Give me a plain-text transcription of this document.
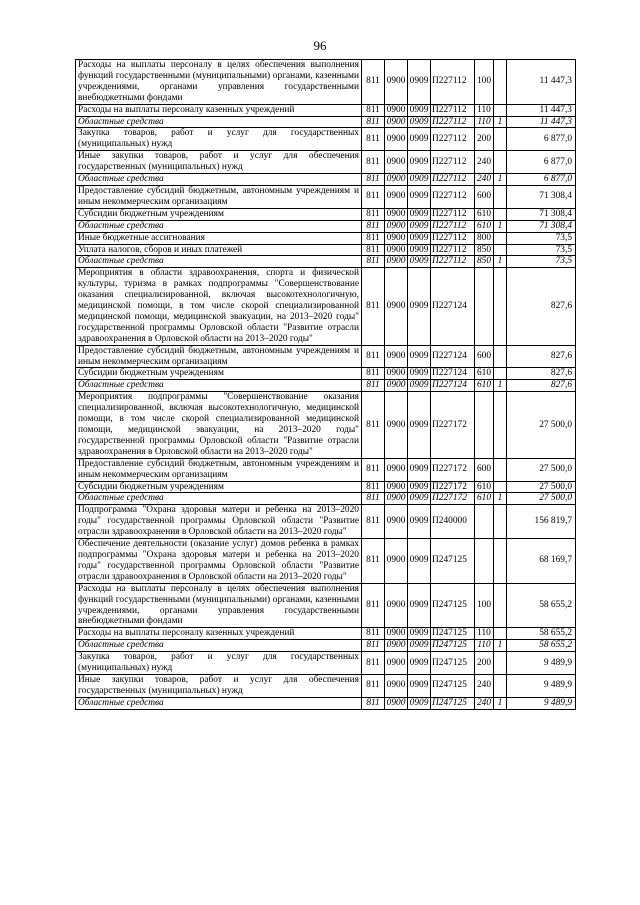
96
Расходы на выплаты персоналу в целях обеспечения выполнения функций государственными (муниципальными) органами, казенными учреждениями, органами управления государственными внебюджетными фондами	811	0900	0909	П227112	100		11 447,3
Расходы на выплаты персоналу казенных учреждений	811	0900	0909	П227112	110		11 447,3
Областные средства	811	0900	0909	П227112	110	1	11 447,3
Закупка товаров, работ и услуг для государственных (муниципальных) нужд	811	0900	0909	П227112	200		6 877,0
Иные закупки товаров, работ и услуг для обеспечения государственных (муниципальных) нужд	811	0900	0909	П227112	240		6 877,0
Областные средства	811	0900	0909	П227112	240	1	6 877,0
Предоставление субсидий бюджетным, автономным учреждениям и иным некоммерческим организациям	811	0900	0909	П227112	600		71 308,4
Субсидии бюджетным учреждениям	811	0900	0909	П227112	610		71 308,4
Областные средства	811	0900	0909	П227112	610	1	71 308,4
Иные бюджетные ассигнования	811	0900	0909	П227112	800		73,5
Уплата налогов, сборов и иных платежей	811	0900	0909	П227112	850		73,5
Областные средства	811	0900	0909	П227112	850	1	73,5
Мероприятия в области здравоохранения, спорта и физической культуры, туризма в рамках подпрограммы "Совершенствование оказания специализированной, включая высокотехнологичную, медицинской помощи, в том числе скорой специализированной медицинской помощи, медицинской эвакуации, на 2013–2020 годы" государственной программы Орловской области "Развитие отрасли здравоохранения в Орловской области на 2013–2020 годы"	811	0900	0909	П227124			827,6
Предоставление субсидий бюджетным, автономным учреждениям и иным некоммерческим организациям	811	0900	0909	П227124	600		827,6
Субсидии бюджетным учреждениям	811	0900	0909	П227124	610		827,6
Областные средства	811	0900	0909	П227124	610	1	827,6
Мероприятия подпрограммы "Совершенствование оказания специализированной, включая высокотехнологичную, медицинской помощи, в том числе скорой специализированной медицинской помощи, медицинской эвакуации, на 2013–2020 годы" государственной программы Орловской области "Развитие отрасли здравоохранения в Орловской области на 2013–2020 годы"	811	0900	0909	П227172			27 500,0
Предоставление субсидий бюджетным, автономным учреждениям и иным некоммерческим организациям	811	0900	0909	П227172	600		27 500,0
Субсидии бюджетным учреждениям	811	0900	0909	П227172	610		27 500,0
Областные средства	811	0900	0909	П227172	610	1	27 500,0
Подпрограмма "Охрана здоровья матери и ребенка на 2013–2020 годы" государственной программы Орловской области "Развитие отрасли здравоохранения в Орловской области на 2013–2020 годы"	811	0900	0909	П240000			156 819,7
Обеспечение деятельности (оказание услуг) домов ребенка в рамках подпрограммы "Охрана здоровья матери и ребенка на 2013–2020 годы" государственной программы Орловской области "Развитие отрасли здравоохранения в Орловской области на 2013–2020 годы"	811	0900	0909	П247125			68 169,7
Расходы на выплаты персоналу в целях обеспечения выполнения функций государственными (муниципальными) органами, казенными учреждениями, органами управления государственными внебюджетными фондами	811	0900	0909	П247125	100		58 655,2
Расходы на выплаты персоналу казенных учреждений	811	0900	0909	П247125	110		58 655,2
Областные средства	811	0900	0909	П247125	110	1	58 655,2
Закупка товаров, работ и услуг для государственных (муниципальных) нужд	811	0900	0909	П247125	200		9 489,9
Иные закупки товаров, работ и услуг для обеспечения государственных (муниципальных) нужд	811	0900	0909	П247125	240		9 489,9
Областные средства	811	0900	0909	П247125	240	1	9 489,9
